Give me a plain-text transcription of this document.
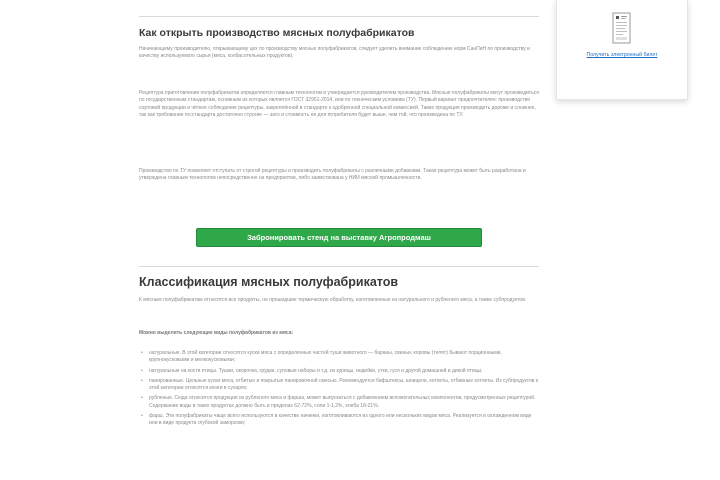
Как открыть производство мясных полуфабрикатов

Начинающему производителю, открывающему цех по производству мясных полуфабрикатов, следует уделить внимание соблюдению норм СанПиН по производству и качеству используемого сырья (мяса, колбасотельных продуктов).

Рецептура приготовления полуфабрикатов определяется главным технологом и утверждается руководителем производства. Мясные полуфабрикаты могут производиться по государственным стандартам, основным из которых является ГОСТ 32951-2014, или по техническим условиям (ТУ). Первый вариант предпочтителен: производство сортовой продукции и чёткое соблюдение рецептуры, закреплённой в стандарте к одобренной специальной комиссией. Такие продукция производить дороже и сложнее, так как требования госстандарта достаточно строгие — зато и стоимость ее для потребителя будет выше, чем той, что произведена по ТУ.

Производство по ТУ позволяет отступать от строгой рецептуры и производить полуфабрикаты с различными добавками. Такая рецептура может быть разработана и утверждена главным технологом непосредственно на предприятии, либо заимствована у НИИ мясной промышленности.

Забронировать стенд на выставку Агропродмаш
Классификация мясных полуфабрикатов

К мясным полуфабрикатам относятся все продукты, не прошедшие термическую обработку, изготовленные из натурального и рубленого мяса, а также субпродуктов.

Можно выделить следующие виды полуфабрикатов из мяса:

• натуральные. В этой категории относятся куски мяса с определенных частей туши животного — бараны, свиньи, коровы (телят) бывают порционными, крупнокусковыми и мелкокусковыми;
• натуральные на кости птицы. Тушки, окорочка, грудки, суповые наборы и т.д. из курицы, индейки, утки, гуся и другой домашней и дикой птицы;
• панированные. Цельные куски мяса, отбитые и покрытые панировочной смесью. Рекомендуется бифштексы, шницели, котлеты, отбивные котлеты. Из субпродуктов к этой категории относятся мозги в сухарях;
• рубленые. Сюда относится продукция из рубленого мяса и фарша, может выпускаться с добавлением вспомогательных компонентов, предусмотренных рецептурой. Содержание воды в таких продуктах должно быть в пределах 62-72%, соли 1-1,2%, хлеба 18-21%;
• фарш. Эти полуфабрикаты чаще всего используются в качестве начинки, изготовливаются из одного или нескольких видов мяса. Реализуется в охлажденном виде или в виде продукта глубокой заморозки;
Получить электронный билет
